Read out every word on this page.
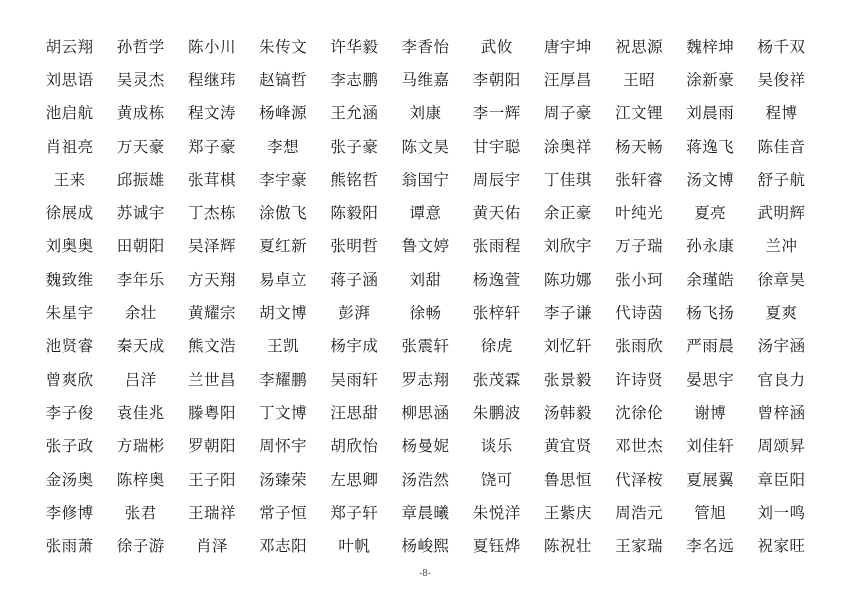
胡云翔	孙哲学	陈小川	朱传文	许华毅	李香怡	武攸	唐宇坤	祝思源	魏梓坤	杨千双
刘思语	吴灵杰	程继玮	赵镐哲	李志鹏	马维嘉	李朝阳	汪厚昌	王昭	涂新豪	吴俊祥
池启航	黄成栋	程文涛	杨峰源	王允涵	刘康	李一辉	周子豪	江文锂	刘晨雨	程博
肖祖亮	万天豪	郑子豪	李想	张子豪	陈文昊	甘宇聪	涂奥祥	杨天畅	蒋逸飞	陈佳音
王来	邱振雄	张茸棋	李宇豪	熊铭哲	翁国宁	周辰宇	丁佳琪	张轩睿	汤文博	舒子航
徐展成	苏诚宇	丁杰栋	涂傲飞	陈毅阳	谭意	黄天佑	余正豪	叶纯光	夏亮	武明辉
刘奥奥	田朝阳	吴泽辉	夏红新	张明哲	鲁文婷	张雨程	刘欣宇	万子瑞	孙永康	兰冲
魏致维	李年乐	方天翔	易卓立	蒋子涵	刘甜	杨逸萱	陈功娜	张小珂	余瑾皓	徐章昊
朱星宇	余壮	黄耀宗	胡文博	彭湃	徐畅	张梓轩	李子谦	代诗茵	杨飞扬	夏爽
池贤睿	秦天成	熊文浩	王凯	杨宇成	张震轩	徐虎	刘忆轩	张雨欣	严雨晨	汤宇涵
曾爽欣	吕洋	兰世昌	李耀鹏	吴雨轩	罗志翔	张茂霖	张景毅	许诗贤	晏思宇	官良力
李子俊	袁佳兆	滕粤阳	丁文博	汪思甜	柳思涵	朱鹏波	汤韩毅	沈徐伦	谢博	曾梓涵
张子政	方瑞彬	罗朝阳	周怀宇	胡欣怡	杨曼妮	谈乐	黄宜贤	邓世杰	刘佳轩	周颂昇
金汤奥	陈梓奥	王子阳	汤臻荣	左思卿	汤浩然	饶可	鲁思恒	代泽桉	夏展翼	章臣阳
李修博	张君	王瑞祥	常子恒	郑子轩	章晨曦	朱悦洋	王紫庆	周浩元	管旭	刘一鸣
张雨萧	徐子游	肖泽	邓志阳	叶帆	杨峻熙	夏钰烨	陈祝壮	王家瑞	李名远	祝家旺
-8-
